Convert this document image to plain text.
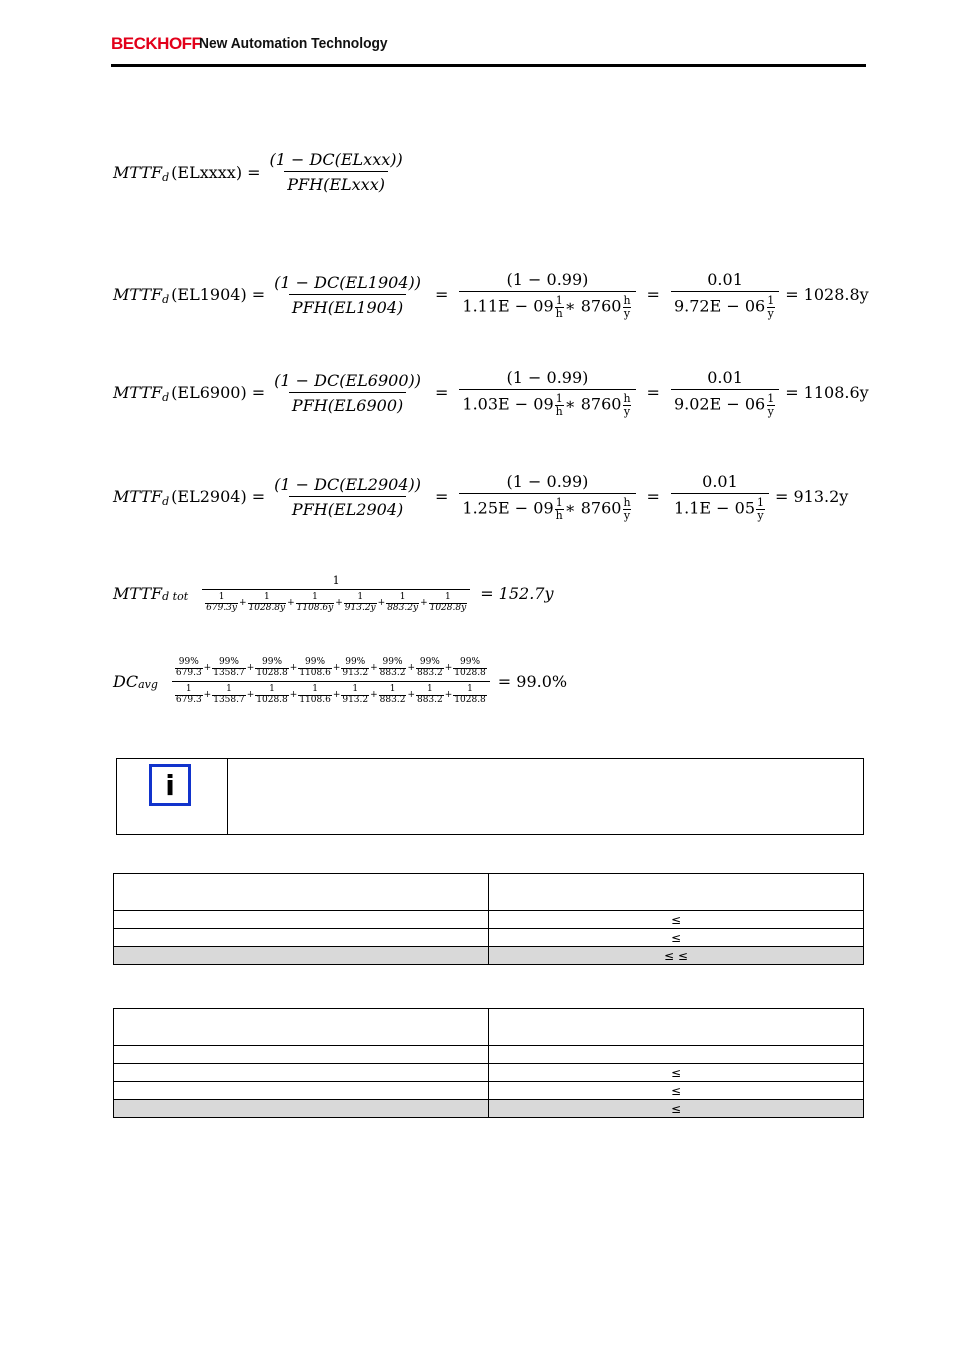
BECKHOFF
New Automation Technology
MTTF d (ELxxxx) = $\frac{\text{(1 − DC(ELxxx))}}{\text{PFH(ELxxx)}}$
MTTF d $(EL1904) = \frac{(1 - DC(EL1904))}{\text{PFH(EL1904)}} = \frac{(1 - 0.99)}{1.11E - 09 \frac{1}{h} ∗ 8760 \frac{h}{y}} = \frac{0.01}{9.72E - 06 \frac{1}{y}} = 1028.8y$
MTTF d $(EL6900) = \frac{(1 - DC(EL6900))}{\text{PFH(EL6900)}} = \frac{(1 - 0.99)}{1.03E - 09 \frac{1}{h} ∗ 8760 \frac{h}{y}} = \frac{0.01}{9.02E - 06 \frac{1}{y}} = 1108.6y$
MTTF d $(EL2904) = \frac{(1 - DC(EL2904))}{\text{PFH(EL2904)}} = \frac{(1 - 0.99)}{1.25E - 09 \frac{1}{h} ∗ 8760 \frac{h}{y}} = \frac{0.01}{1.1E - 05 \frac{1}{y}} = 913.2y$
MTTF d tot 1
1
$679.3y + \frac{1}{1028.8y} + \frac{1}{1108.6y} + \frac{1}{913.2y} + \frac{1}{883.2y} + \frac{1}{1028.8y} = 152.7y$
DC avg
99%
$679.3 + \frac{99\%}{1358.7} + \frac{99\%}{1028.8} + \frac{99\%}{1108.6} + \frac{99\%}{913.2} + \frac{99\%}{883.2} + \frac{99\%}{883.2} + \frac{99\%}{1028.8}$
1
$679.3 + \frac{1}{1358.7} + \frac{1}{1028.8} + \frac{1}{1108.6} + \frac{1}{913.2} + \frac{1}{883.2} + \frac{1}{883.2} + \frac{1}{1028.8}$
= 99.0%
i

	≤
	≤
	≤ ≤

	≤
	≤
	≤
